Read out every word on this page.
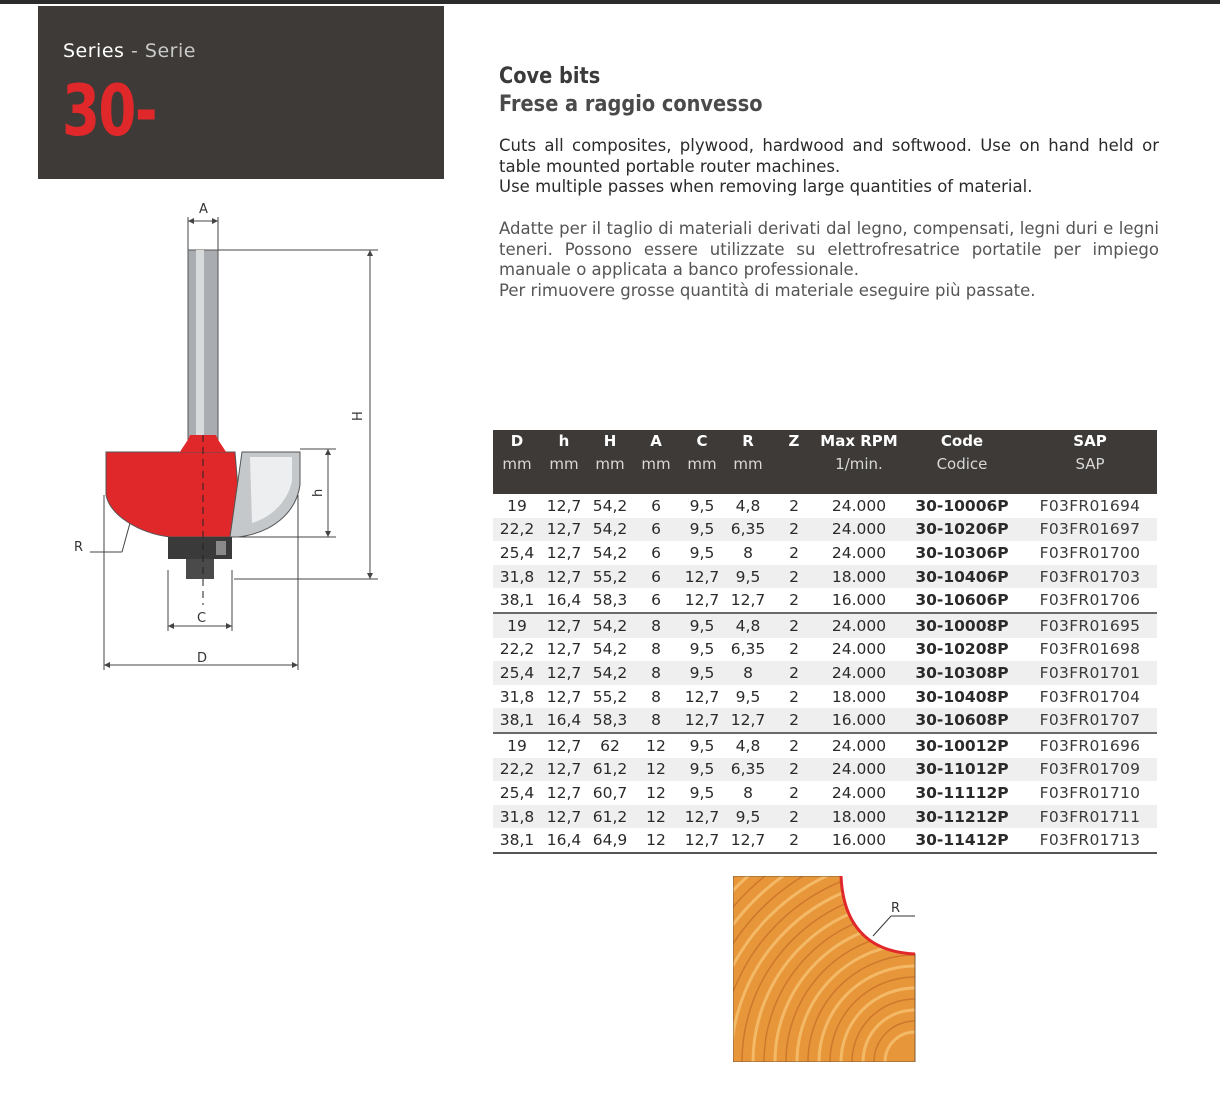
Series - Serie
30-	Cove bits
Frese a raggio convesso

Cuts all composites, plywood, hardwood and softwood. Use on hand held or table mounted portable router machines.

Use multiple passes when removing large quantities of material.

Adatte per il taglio di materiali derivati dal legno, compensati, legni duri e legni teneri. Possono essere utilizzate su elettrofresatrice portatile per impiego manuale o applicata a banco professionale.

Per rimuovere grosse quantità di materiale eseguire più passate.

A
H
h
R
C
D
D	h	H	A	C	R	Z	Max RPM	Code	SAP
mm	mm	mm	mm	mm	mm		1/min.	Codice	SAP
19	12,7	54,2	6	9,5	4,8	2	24.000	30-10006P	F03FR01694
22,2	12,7	54,2	6	9,5	6,35	2	24.000	30-10206P	F03FR01697
25,4	12,7	54,2	6	9,5	8	2	24.000	30-10306P	F03FR01700
31,8	12,7	55,2	6	12,7	9,5	2	18.000	30-10406P	F03FR01703
38,1	16,4	58,3	6	12,7	12,7	2	16.000	30-10606P	F03FR01706
19	12,7	54,2	8	9,5	4,8	2	24.000	30-10008P	F03FR01695
22,2	12,7	54,2	8	9,5	6,35	2	24.000	30-10208P	F03FR01698
25,4	12,7	54,2	8	9,5	8	2	24.000	30-10308P	F03FR01701
31,8	12,7	55,2	8	12,7	9,5	2	18.000	30-10408P	F03FR01704
38,1	16,4	58,3	8	12,7	12,7	2	16.000	30-10608P	F03FR01707
19	12,7	62	12	9,5	4,8	2	24.000	30-10012P	F03FR01696
22,2	12,7	61,2	12	9,5	6,35	2	24.000	30-11012P	F03FR01709
25,4	12,7	60,7	12	9,5	8	2	24.000	30-11112P	F03FR01710
31,8	12,7	61,2	12	12,7	9,5	2	18.000	30-11212P	F03FR01711
38,1	16,4	64,9	12	12,7	12,7	2	16.000	30-11412P	F03FR01713
R
